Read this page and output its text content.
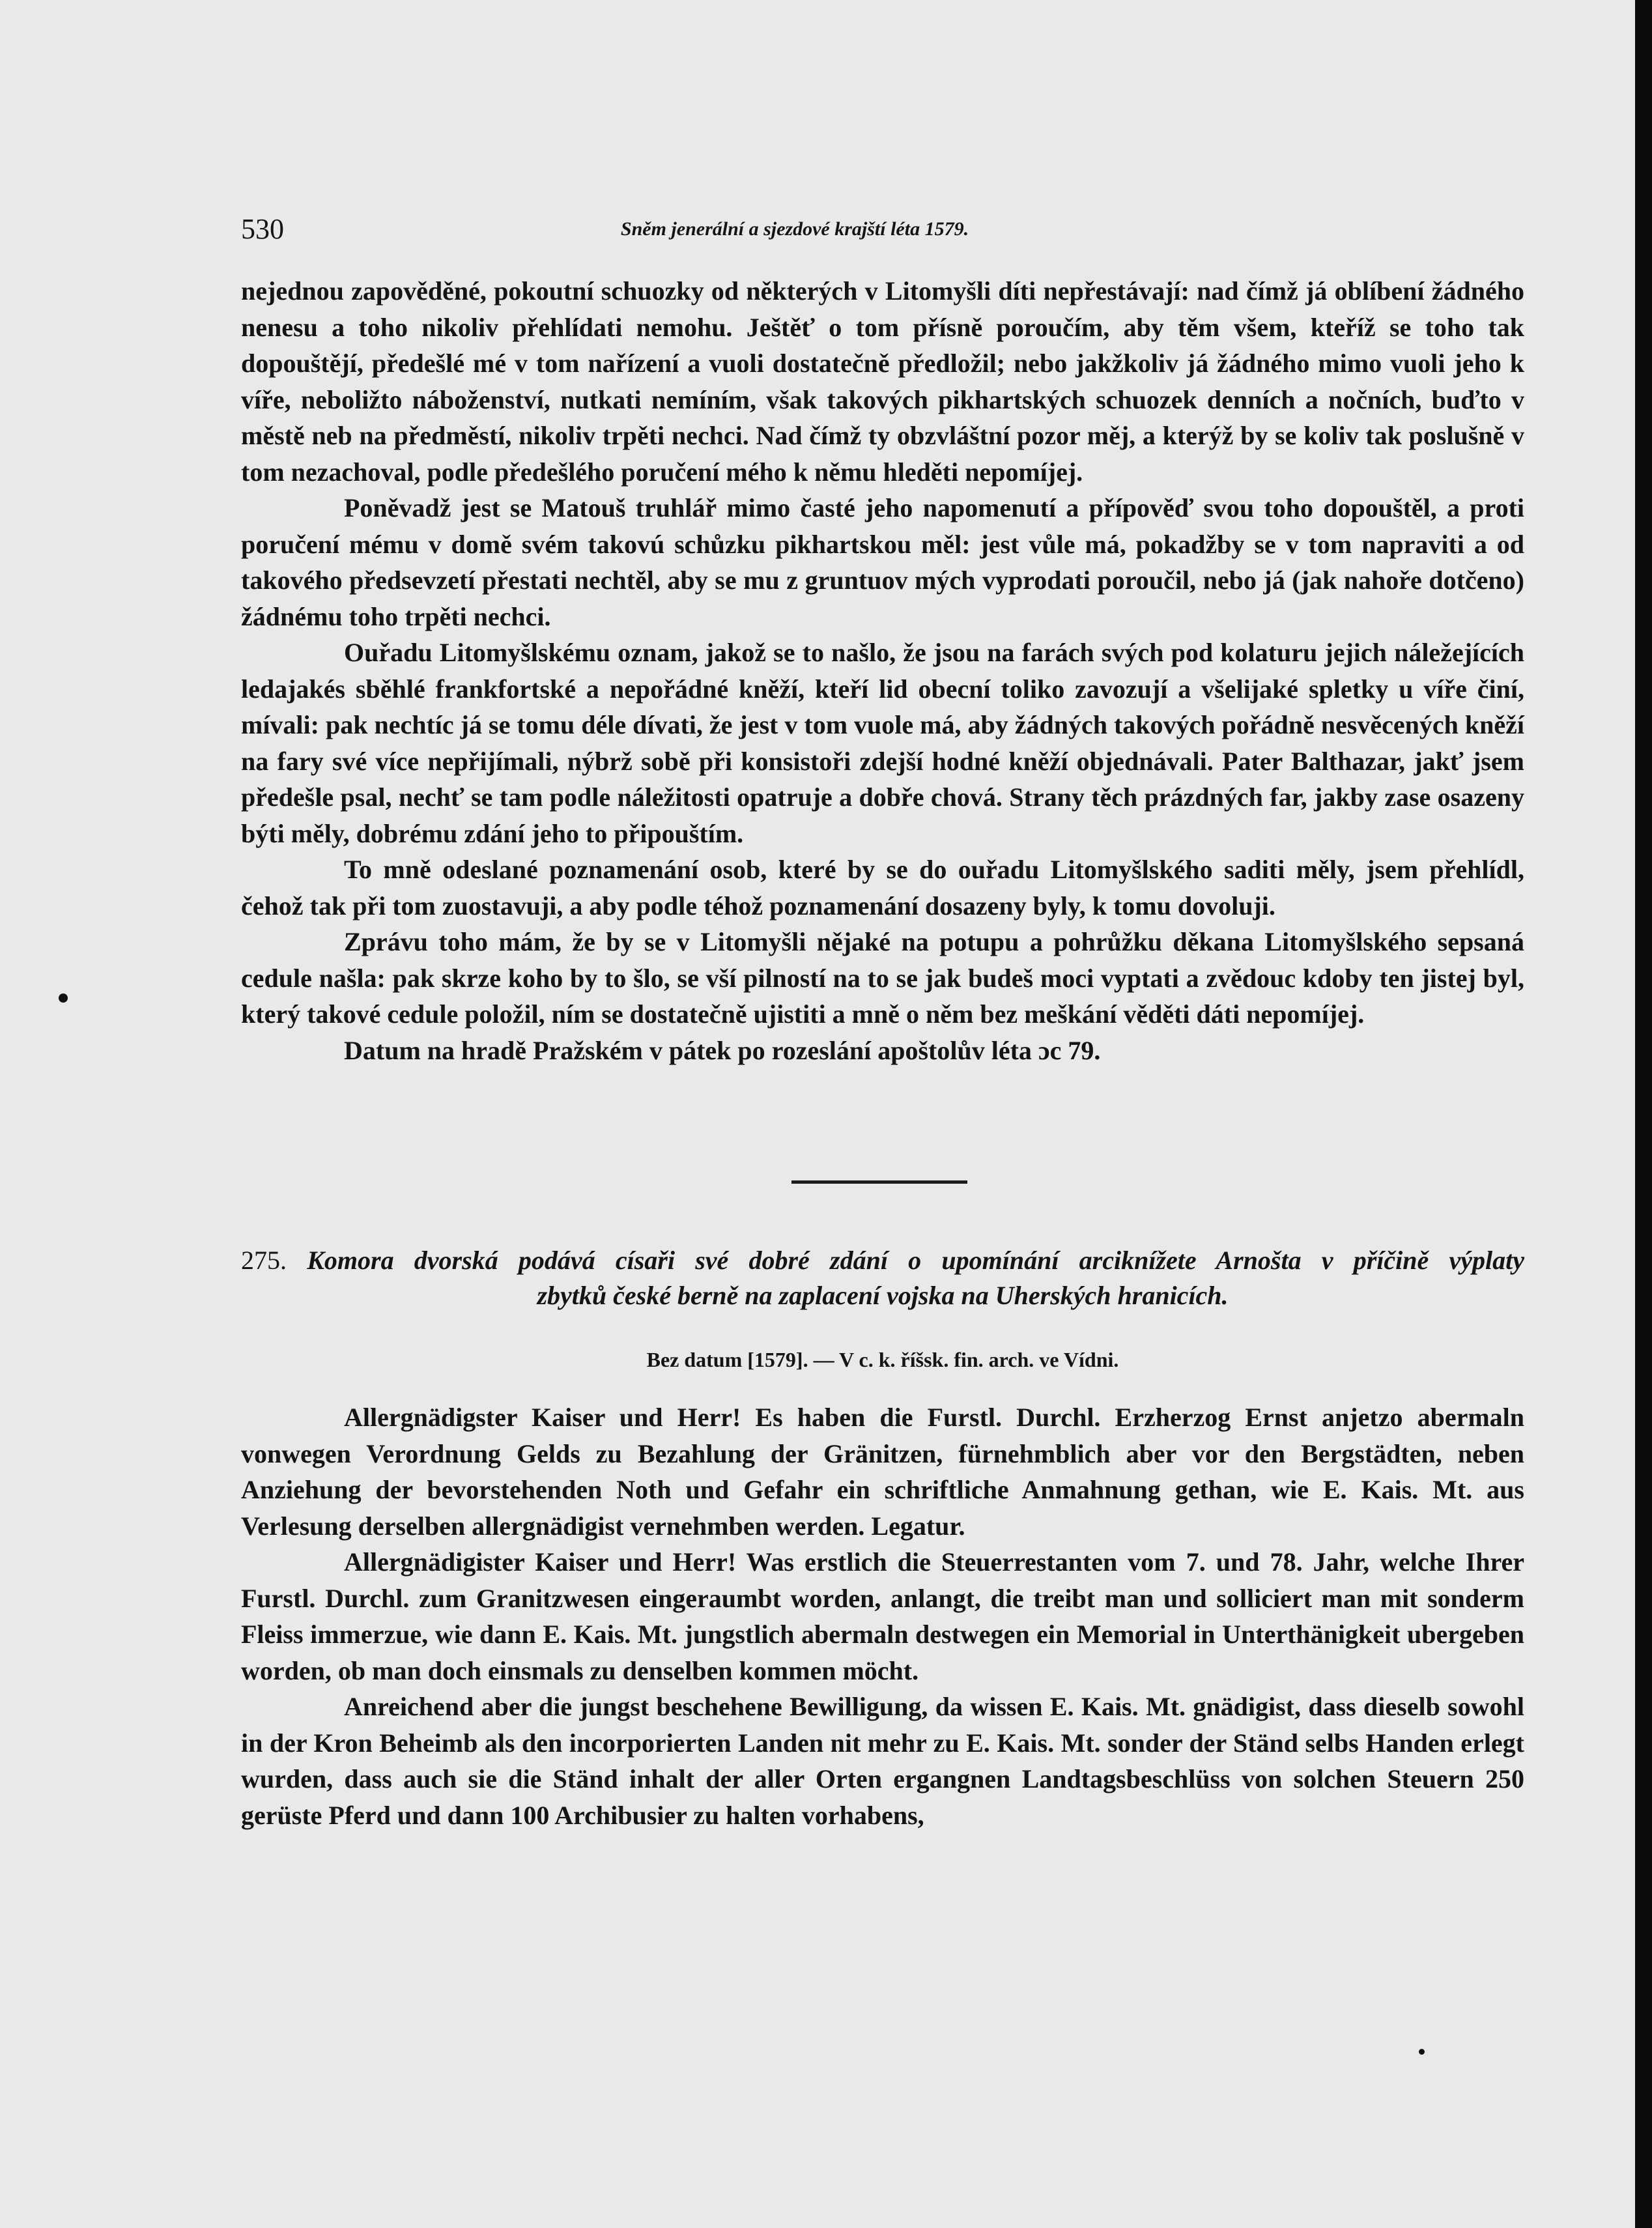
530	Sněm jenerální a sjezdové krajští léta 1579.

nejednou zapověděné, pokoutní schuozky od některých v Litomyšli díti nepřestávají: nad čímž já oblíbení žádného nenesu a toho nikoliv přehlídati nemohu. Ještěť o tom přísně poroučím, aby těm všem, kteříž se toho tak dopouštějí, předešlé mé v tom nařízení a vuoli dostatečně předložil; nebo jakžkoliv já žádného mimo vuoli jeho k víře, neboližto náboženství, nutkati nemíním, však takových pikhartských schuozek denních a nočních, buďto v městě neb na předměstí, nikoliv trpěti nechci. Nad čímž ty obzvláštní pozor měj, a kterýž by se koliv tak poslušně v tom nezachoval, podle předešlého poručení mého k němu hleděti nepomíjej.

Poněvadž jest se Matouš truhlář mimo časté jeho napomenutí a přípověď svou toho dopouštěl, a proti poručení mému v domě svém takovú schůzku pikhartskou měl: jest vůle má, pokadžby se v tom napraviti a od takového předsevzetí přestati nechtěl, aby se mu z gruntuov mých vyprodati poroučil, nebo já (jak nahoře dotčeno) žádnému toho trpěti nechci.

Ouřadu Litomyšlskému oznam, jakož se to našlo, že jsou na farách svých pod kolaturu jejich náležejících ledajakés sběhlé frankfortské a nepořádné kněží, kteří lid obecní toliko zavozují a všelijaké spletky u víře činí, mívali: pak nechtíc já se tomu déle dívati, že jest v tom vuole má, aby žádných takových pořádně nesvěcených kněží na fary své více nepřijímali, nýbrž sobě při konsistoři zdejší hodné kněží objednávali. Pater Balthazar, jakť jsem předešle psal, nechť se tam podle náležitosti opatruje a dobře chová. Strany těch prázdných far, jakby zase osazeny býti měly, dobrému zdání jeho to připouštím.

To mně odeslané poznamenání osob, které by se do ouřadu Litomyšlského saditi měly, jsem přehlídl, čehož tak při tom zuostavuji, a aby podle téhož poznamenání dosazeny byly, k tomu dovoluji.

Zprávu toho mám, že by se v Litomyšli nějaké na potupu a pohrůžku děkana Litomyšlského sepsaná cedule našla: pak skrze koho by to šlo, se vší pilností na to se jak budeš moci vyptati a zvědouc kdoby ten jistej byl, který takové cedule položil, ním se dostatečně ujistiti a mně o něm bez meškání věděti dáti nepomíjej.

Datum na hradě Pražském v pátek po rozeslání apoštolův léta ɔc 79.

275. Komora dvorská podává císaři své dobré zdání o upomínání arciknížete Arnošta v příčině výplaty
zbytků české berně na zaplacení vojska na Uherských hranicích.
Bez datum [1579]. — V c. k. říšsk. fin. arch. ve Vídni.

Allergnädigster Kaiser und Herr! Es haben die Furstl. Durchl. Erzherzog Ernst anjetzo abermaln vonwegen Verordnung Gelds zu Bezahlung der Gränitzen, fürnehmblich aber vor den Bergstädten, neben Anziehung der bevorstehenden Noth und Gefahr ein schriftliche Anmahnung gethan, wie E. Kais. Mt. aus Verlesung derselben allergnädigist vernehmben werden. Legatur.

Allergnädigister Kaiser und Herr! Was erstlich die Steuerrestanten vom 7. und 78. Jahr, welche Ihrer Furstl. Durchl. zum Granitzwesen eingeraumbt worden, anlangt, die treibt man und solliciert man mit sonderm Fleiss immerzue, wie dann E. Kais. Mt. jungstlich abermaln destwegen ein Memorial in Unterthänigkeit ubergeben worden, ob man doch einsmals zu denselben kommen möcht.

Anreichend aber die jungst beschehene Bewilligung, da wissen E. Kais. Mt. gnädigist, dass dieselb sowohl in der Kron Beheimb als den incorporierten Landen nit mehr zu E. Kais. Mt. sonder der Ständ selbs Handen erlegt wurden, dass auch sie die Ständ inhalt der aller Orten ergangnen Landtagsbeschlüss von solchen Steuern 250 gerüste Pferd und dann 100 Archibusier zu halten vorhabens,
